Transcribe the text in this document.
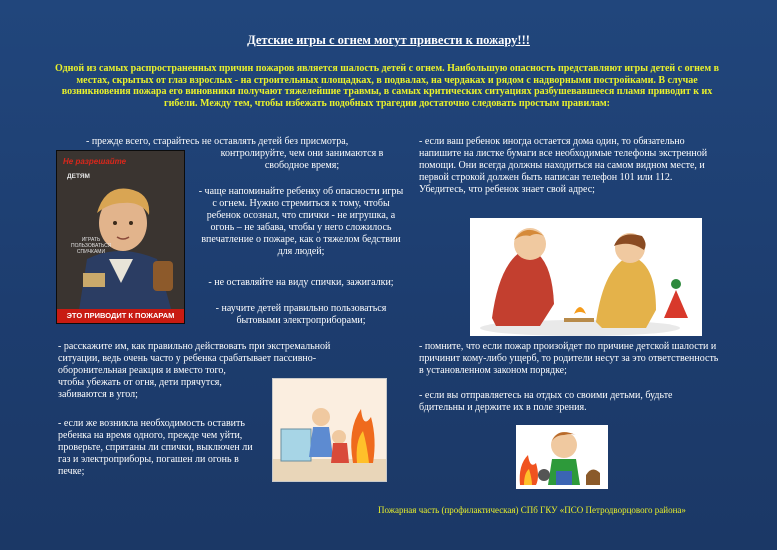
Детские игры с огнем могут привести к пожару!!!
Одной из самых распространенных причин пожаров является шалость детей с огнем. Наибольшую опасность представляют игры детей с огнем в местах, скрытых от глаз взрослых - на строительных площадках, в подвалах, на чердаках и рядом с надворными постройками. В случае возникновения пожара его виновники получают тяжелейшие травмы, в самых критических ситуациях разбушевавшееся пламя приводит к их гибели. Между тем, чтобы избежать подобных трагедии достаточно следовать простым правилам:
- прежде всего, старайтесь не оставлять детей без присмотра,
контролируйте, чем они занимаются в свободное время;
- чаще напоминайте ребенку об опасности игры с огнем. Нужно стремиться к тому, чтобы ребенок осознал, что спички - не игрушка, а огонь – не забава, чтобы у него сложилось впечатление о пожаре, как о тяжелом бедствии для людей;
- не оставляйте на виду спички, зажигалки;
- научите детей правильно пользоваться бытовыми электроприборами;
Не разрешайте
ДЕТЯМ
ИГРАТЬ ПОЛЬЗОВАТЬСЯ СПИЧКАМИ
ЭТО ПРИВОДИТ К ПОЖАРАМ
- если ваш ребенок иногда остается дома один, то обязательно напишите на листке бумаги все необходимые телефоны экстренной помощи. Они всегда должны находиться на самом видном месте, и первой строкой должен быть написан телефон 101 или 112. Убедитесь, что ребенок знает свой адрес;
- расскажите им, как правильно действовать при экстремальной
ситуации, ведь очень часто у ребенка срабатывает пассивно-
оборонительная реакция и вместо того,
чтобы убежать от огня, дети прячутся, забиваются в угол;
- если же возникла необходимость оставить ребенка на время одного, прежде чем уйти, проверьте, спрятаны ли спички, выключен ли газ и электроприборы, погашен ли огонь в печке;
- помните, что если пожар произойдет по причине детской шалости и причинит кому-либо ущерб, то родители несут за это ответственность в установленном законом порядке;
- если вы отправляетесь на отдых со своими детьми, будьте бдительны и держите их в поле зрения.
Пожарная часть (профилактическая) СПб ГКУ «ПСО Петродворцового района»
